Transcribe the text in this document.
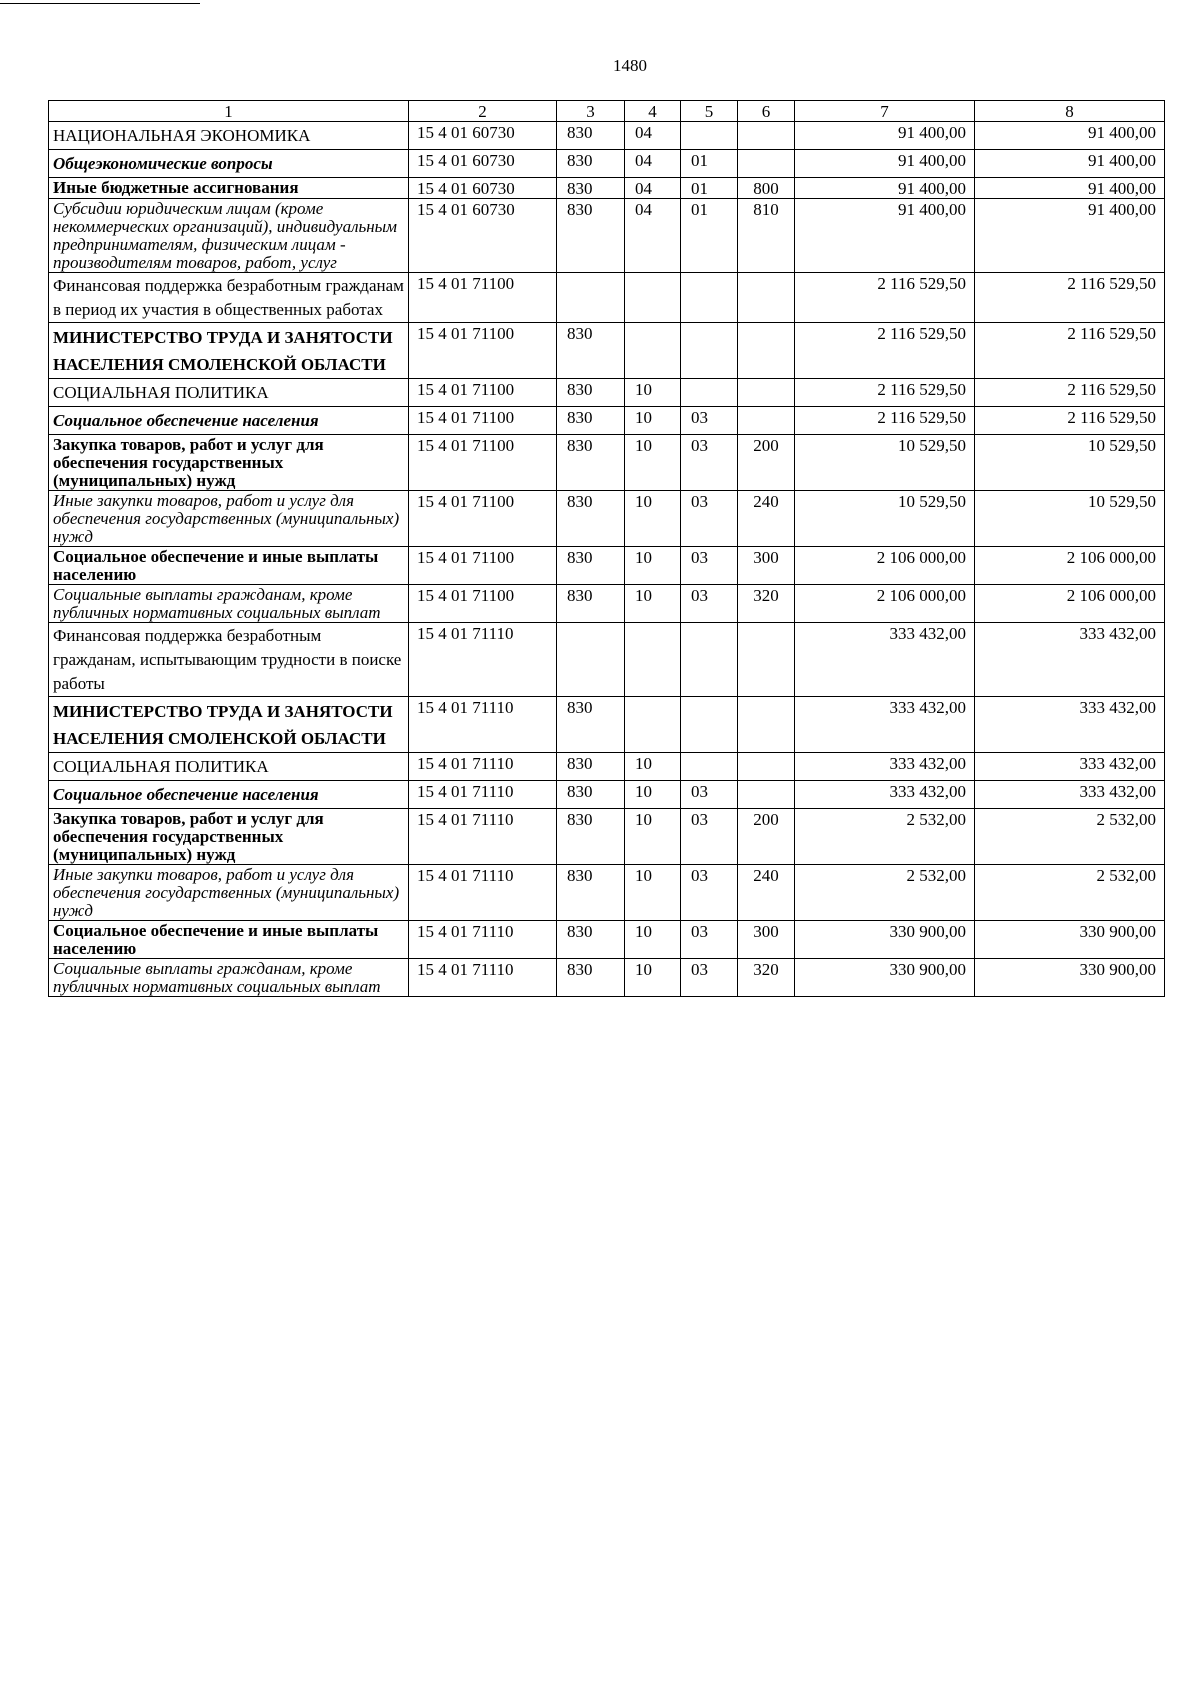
1480
1	2	3	4	5	6	7	8
НАЦИОНАЛЬНАЯ ЭКОНОМИКА	15 4 01 60730	830	04			91 400,00	91 400,00
Общеэкономические вопросы	15 4 01 60730	830	04	01		91 400,00	91 400,00
Иные бюджетные ассигнования	15 4 01 60730	830	04	01	800	91 400,00	91 400,00
Субсидии юридическим лицам (кроме некоммерческих организаций), индивидуальным предпринимателям, физическим лицам - производителям товаров, работ, услуг	15 4 01 60730	830	04	01	810	91 400,00	91 400,00
Финансовая поддержка безработным гражданам в период их участия в общественных работах	15 4 01 71100					2 116 529,50	2 116 529,50
МИНИСТЕРСТВО ТРУДА И ЗАНЯТОСТИ НАСЕЛЕНИЯ СМОЛЕНСКОЙ ОБЛАСТИ	15 4 01 71100	830				2 116 529,50	2 116 529,50
СОЦИАЛЬНАЯ ПОЛИТИКА	15 4 01 71100	830	10			2 116 529,50	2 116 529,50
Социальное обеспечение населения	15 4 01 71100	830	10	03		2 116 529,50	2 116 529,50
Закупка товаров, работ и услуг для обеспечения государственных (муниципальных) нужд	15 4 01 71100	830	10	03	200	10 529,50	10 529,50
Иные закупки товаров, работ и услуг для обеспечения государственных (муниципальных) нужд	15 4 01 71100	830	10	03	240	10 529,50	10 529,50
Социальное обеспечение и иные выплаты населению	15 4 01 71100	830	10	03	300	2 106 000,00	2 106 000,00
Социальные выплаты гражданам, кроме публичных нормативных социальных выплат	15 4 01 71100	830	10	03	320	2 106 000,00	2 106 000,00
Финансовая поддержка безработным гражданам, испытывающим трудности в поиске работы	15 4 01 71110					333 432,00	333 432,00
МИНИСТЕРСТВО ТРУДА И ЗАНЯТОСТИ НАСЕЛЕНИЯ СМОЛЕНСКОЙ ОБЛАСТИ	15 4 01 71110	830				333 432,00	333 432,00
СОЦИАЛЬНАЯ ПОЛИТИКА	15 4 01 71110	830	10			333 432,00	333 432,00
Социальное обеспечение населения	15 4 01 71110	830	10	03		333 432,00	333 432,00
Закупка товаров, работ и услуг для обеспечения государственных (муниципальных) нужд	15 4 01 71110	830	10	03	200	2 532,00	2 532,00
Иные закупки товаров, работ и услуг для обеспечения государственных (муниципальных) нужд	15 4 01 71110	830	10	03	240	2 532,00	2 532,00
Социальное обеспечение и иные выплаты населению	15 4 01 71110	830	10	03	300	330 900,00	330 900,00
Социальные выплаты гражданам, кроме публичных нормативных социальных выплат	15 4 01 71110	830	10	03	320	330 900,00	330 900,00
